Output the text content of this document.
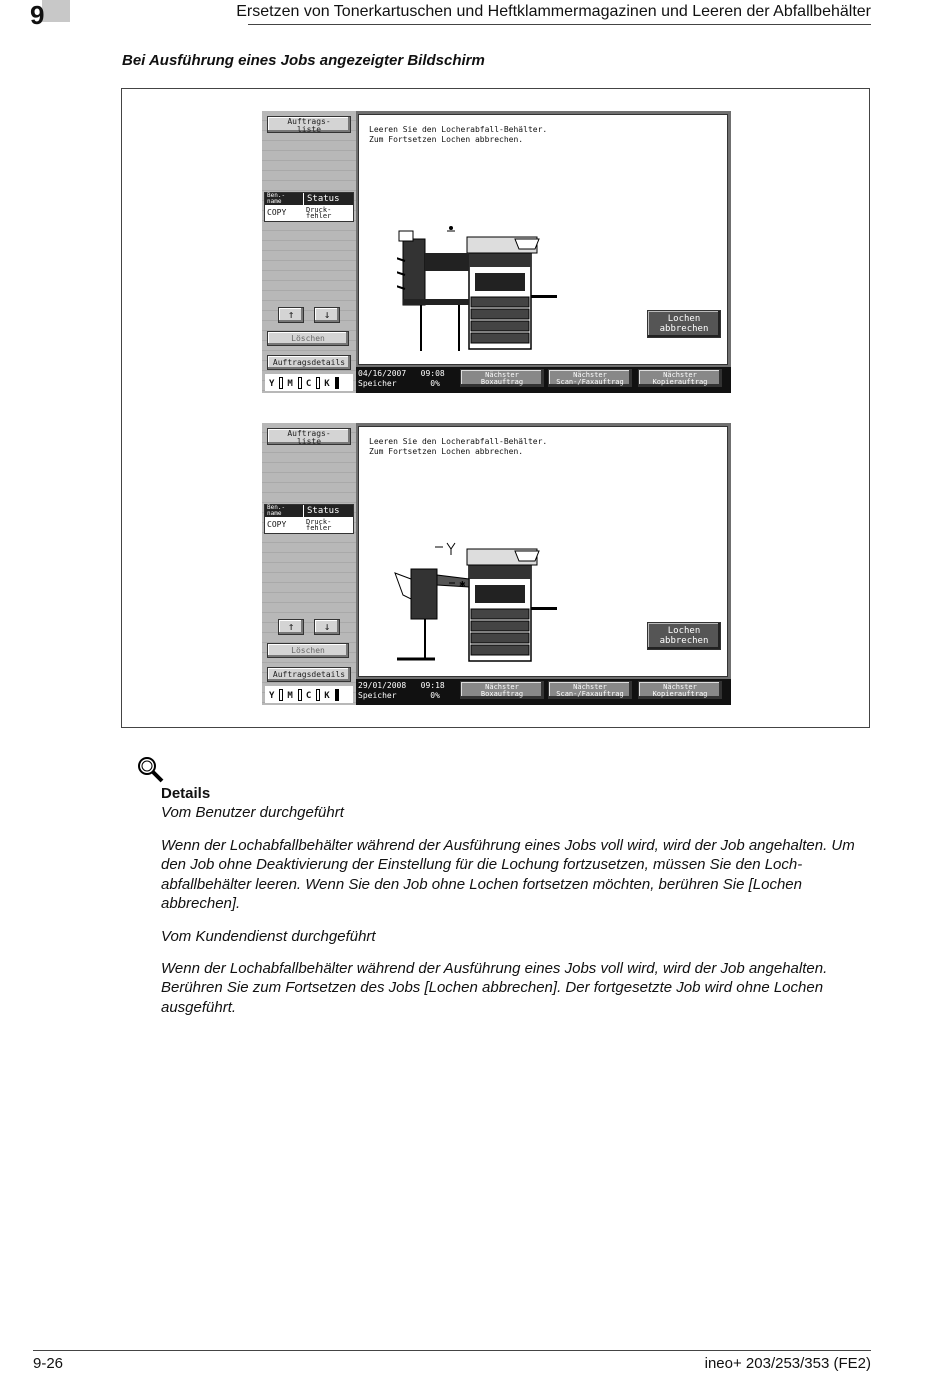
9	Ersetzen von Tonerkartuschen und Heftklammermagazinen und Leeren der Abfallbehälter
Bei Ausführung eines Jobs angezeigter Bildschirm
Auftrags-
liste
Ben.-
name	Status
COPY	Druck-
fehler
↑	↓
Löschen
Auftragsdetails
Y M C K
Leeren Sie den Locherabfall-Behälter.
Zum Fortsetzen Lochen abbrechen.
Lochen
abbrechen
04/16/2007 09:08
Speicher	0%
Nächster
Boxauftrag
Nächster
Scan-/Faxauftrag
Nächster
Kopierauftrag
Auftrags-
liste
Ben.-
name	Status
COPY	Druck-
fehler
↑	↓
Löschen
Auftragsdetails
Y M C K
Leeren Sie den Locherabfall-Behälter.
Zum Fortsetzen Lochen abbrechen.
✱
Lochen
abbrechen
29/01/2008 09:18
Speicher	0%
Nächster
Boxauftrag
Nächster
Scan-/Faxauftrag
Nächster
Kopierauftrag
Details
Vom Benutzer durchgeführt
Wenn der Lochabfallbehälter während der Ausführung eines Jobs voll wird, wird der Job angehalten. Um den Job ohne Deaktivierung der Einstellung für die Lochung fortzusetzen, müssen Sie den Loch-abfallbehälter leeren. Wenn Sie den Job ohne Lochen fortsetzen möchten, berühren Sie [Lochen abbrechen].
Vom Kundendienst durchgeführt
Wenn der Lochabfallbehälter während der Ausführung eines Jobs voll wird, wird der Job angehalten. Berühren Sie zum Fortsetzen des Jobs [Lochen abbrechen]. Der fortgesetzte Job wird ohne Lochen ausgeführt.
9-26	ineo+ 203/253/353 (FE2)
